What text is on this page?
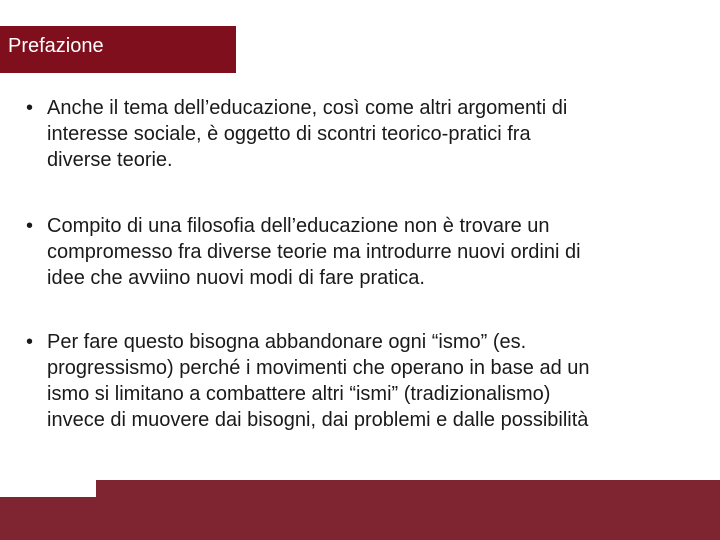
Prefazione
• Anche il tema dell’educazione, così come altri argomenti di
interesse sociale, è oggetto di scontri teorico-pratici fra
diverse teorie.
• Compito di una filosofia dell’educazione non è trovare un
compromesso fra diverse teorie ma introdurre nuovi ordini di
idee che avviino nuovi modi di fare pratica.
• Per fare questo bisogna abbandonare ogni “ismo” (es.
progressismo) perché i movimenti che operano in base ad un
ismo si limitano a combattere altri “ismi” (tradizionalismo)
invece di muovere dai bisogni, dai problemi e dalle possibilità
